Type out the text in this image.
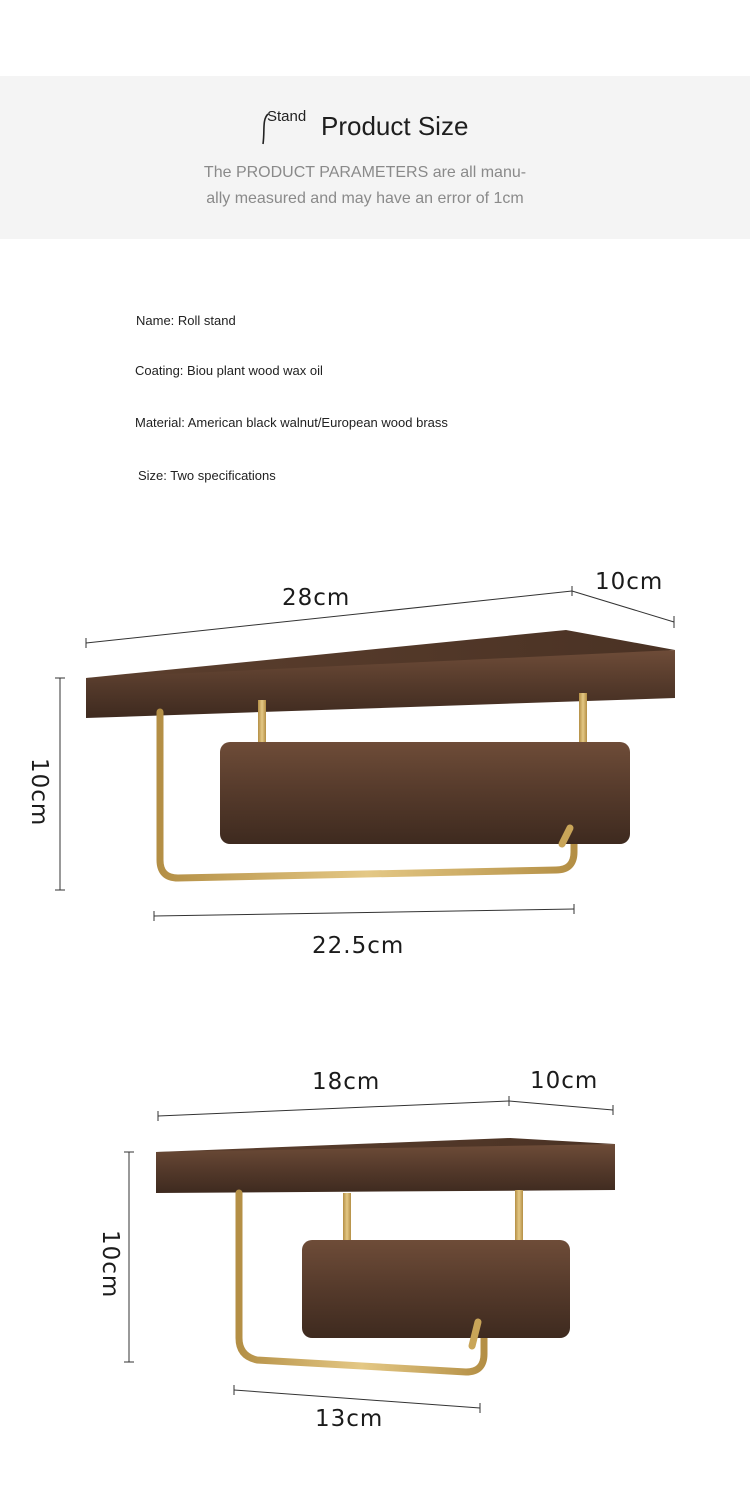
Stand Product Size
The PRODUCT PARAMETERS are all manu-
ally measured and may have an error of 1cm
Name: Roll stand
Coating: Biou plant wood wax oil
Material: American black walnut/European wood brass
Size: Two specifications
28cm
10cm
10cm
22.5cm
18cm	10cm
10cm
13cm
